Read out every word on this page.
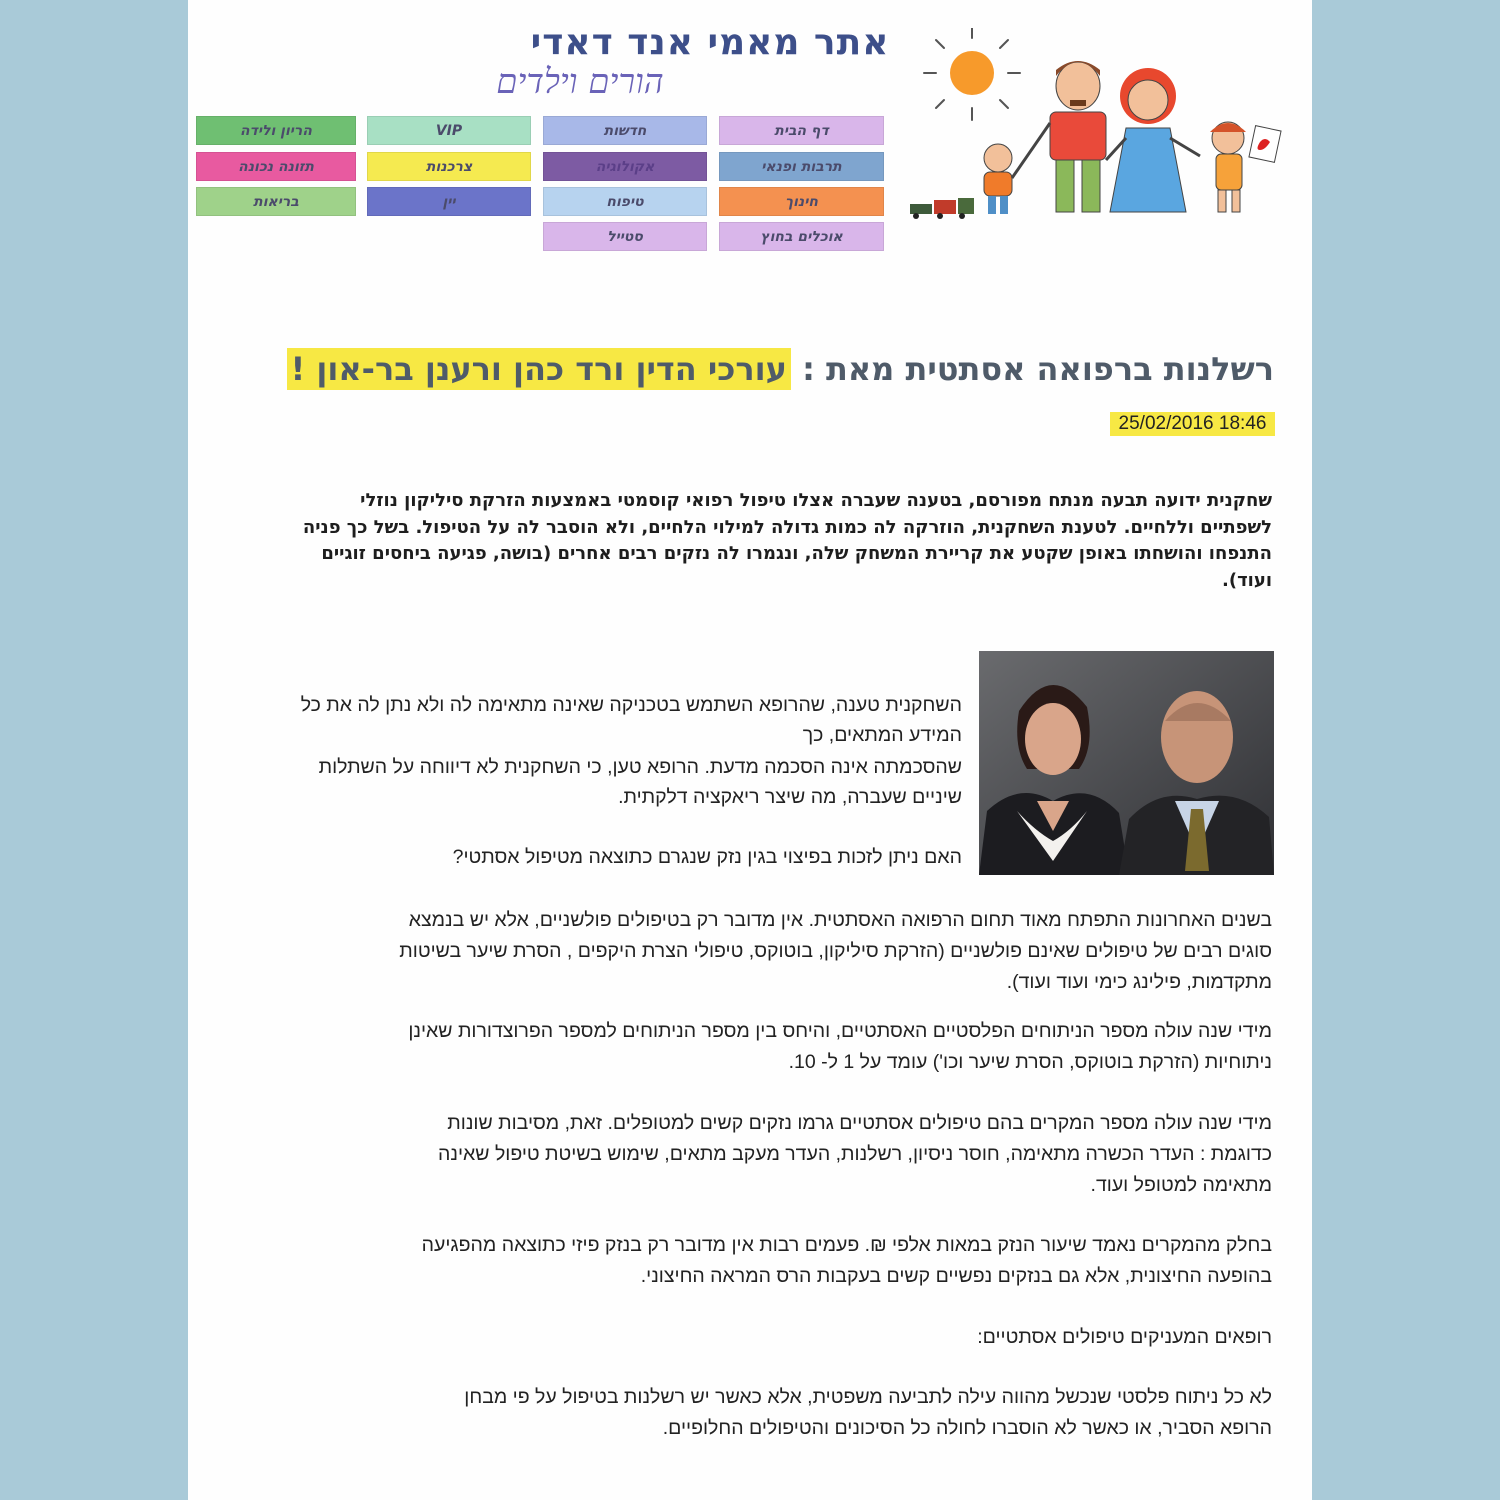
אתר מאמי אנד דאדי
הורים וילדים
דף הבית
תרבות ופנאי
חינוך
אוכלים בחוץ
חדשות
אקולוגיה
טיפוח
סטייל
VIP
צרכנות
יין
הריון ולידה
תזונה נכונה
בריאות
רשלנות ברפואה אסתטית מאת : עורכי הדין ורד כהן ורענן בר-און !
25/02/2016 18:46
שחקנית ידועה תבעה מנתח מפורסם, בטענה שעברה אצלו טיפול רפואי קוסמטי באמצעות הזרקת סיליקון נוזלי לשפתיים וללחיים. לטענת השחקנית, הוזרקה לה כמות גדולה למילוי הלחיים, ולא הוסבר לה על הטיפול. בשל כך פניה התנפחו והושחתו באופן שקטע את קריירת המשחק שלה, ונגמרו לה נזקים רבים אחרים (בושה, פגיעה ביחסים זוגיים ועוד).
השחקנית טענה, שהרופא השתמש בטכניקה שאינה מתאימה לה ולא נתן לה את כל המידע המתאים, כך
שהסכמתה אינה הסכמה מדעת. הרופא טען, כי השחקנית לא דיווחה על השתלות שיניים שעברה, מה שיצר ריאקציה דלקתית.
האם ניתן לזכות בפיצוי בגין נזק שנגרם כתוצאה מטיפול אסתטי?
בשנים האחרונות התפתח מאוד תחום הרפואה האסתטית. אין מדובר רק בטיפולים פולשניים, אלא יש בנמצא סוגים רבים של טיפולים שאינם פולשניים (הזרקת סיליקון, בוטוקס, טיפולי הצרת היקפים , הסרת שיער בשיטות מתקדמות, פילינג כימי ועוד ועוד).
מידי שנה עולה מספר הניתוחים הפלסטיים האסתטיים, והיחס בין מספר הניתוחים למספר הפרוצדורות שאינן ניתוחיות (הזרקת בוטוקס, הסרת שיער וכו') עומד על 1 ל- 10.
מידי שנה עולה מספר המקרים בהם טיפולים אסתטיים גרמו נזקים קשים למטופלים. זאת, מסיבות שונות כדוגמת : העדר הכשרה מתאימה, חוסר ניסיון, רשלנות, העדר מעקב מתאים, שימוש בשיטת טיפול שאינה מתאימה למטופל ועוד.
בחלק מהמקרים נאמד שיעור הנזק במאות אלפי ₪. פעמים רבות אין מדובר רק בנזק פיזי כתוצאה מהפגיעה בהופעה החיצונית, אלא גם בנזקים נפשיים קשים בעקבות הרס המראה החיצוני.
רופאים המעניקים טיפולים אסתטיים:
לא כל ניתוח פלסטי שנכשל מהווה עילה לתביעה משפטית, אלא כאשר יש רשלנות בטיפול על פי מבחן הרופא הסביר, או כאשר לא הוסברו לחולה כל הסיכונים והטיפולים החלופיים.
